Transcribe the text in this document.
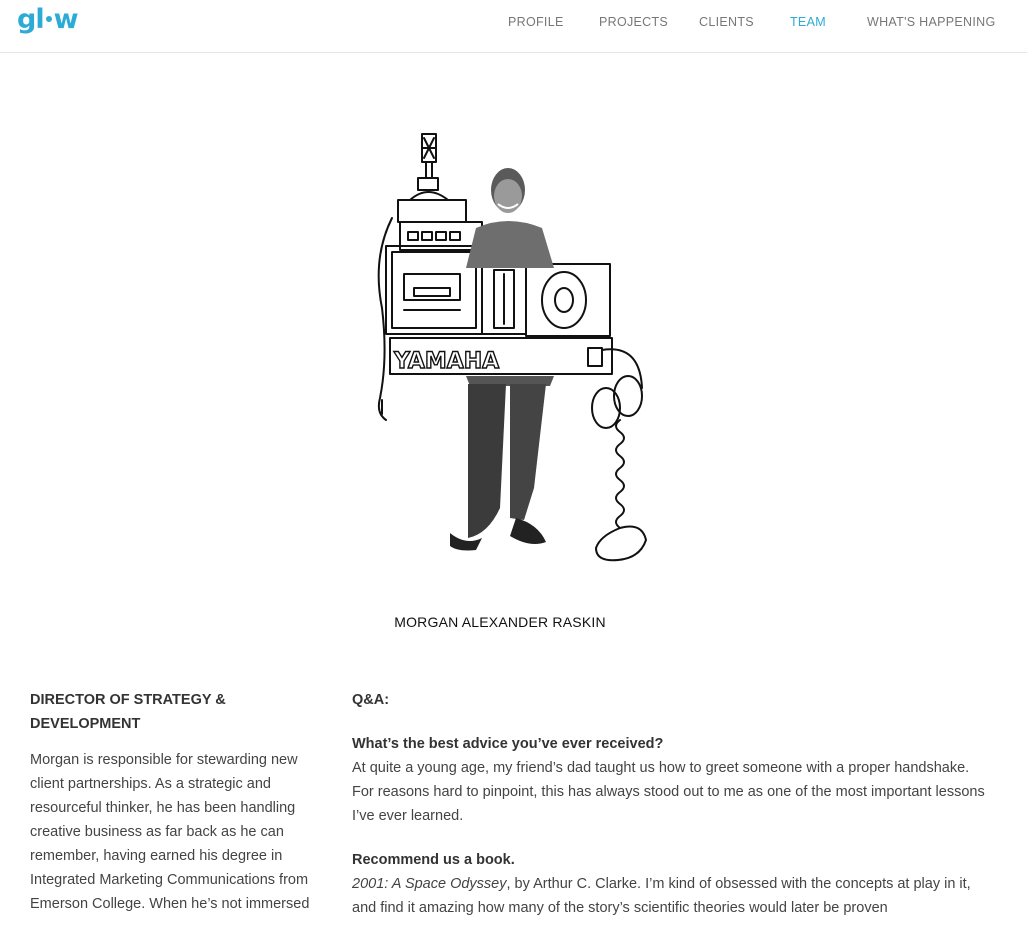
gl w	PROFILE	PROJECTS CLIENTS	TEAM	WHAT'S HAPPENING
YAMAHA
MORGAN ALEXANDER RASKIN
DIRECTOR OF STRATEGY & DEVELOPMENT

Morgan is responsible for stewarding new client partnerships. As a strategic and resourceful thinker, he has been handling creative business as far back as he can remember, having earned his degree in Integrated Marketing Communications from Emerson College. When he’s not immersed

Q&A:

What’s the best advice you’ve ever received?

At quite a young age, my friend’s dad taught us how to greet someone with a proper handshake. For reasons hard to pinpoint, this has always stood out to me as one of the most important lessons I’ve ever learned.

Recommend us a book.

2001: A Space Odyssey, by Arthur C. Clarke. I’m kind of obsessed with the concepts at play in it, and find it amazing how many of the story’s scientific theories would later be proven
